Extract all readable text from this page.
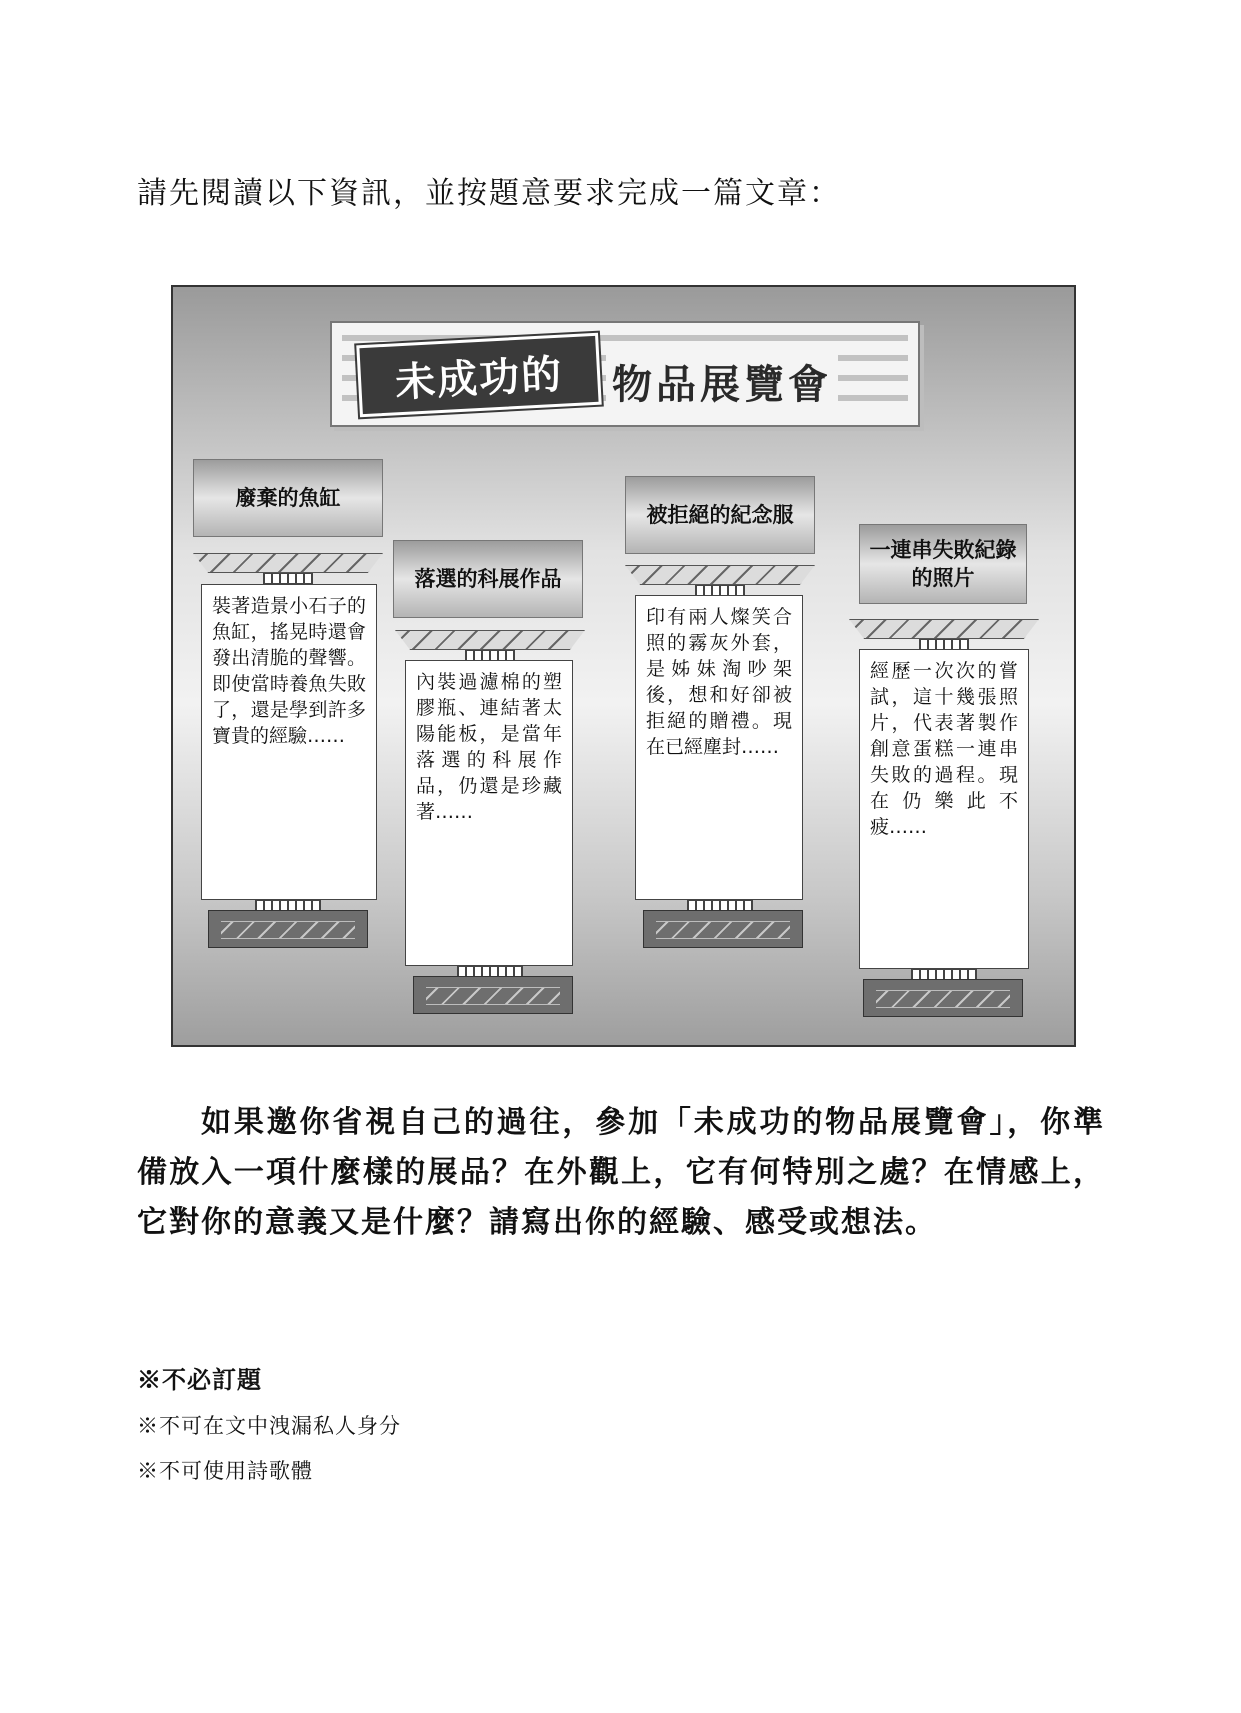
請先閱讀以下資訊，並按題意要求完成一篇文章：
未成功的	物品展覽會
廢棄的魚缸
裝著造景小石子的魚缸，搖晃時還會發出清脆的聲響。即使當時養魚失敗了，還是學到許多寶貴的經驗……
落選的科展作品
內裝過濾棉的塑膠瓶、連結著太陽能板，是當年落選的科展作品，仍還是珍藏著……
被拒絕的紀念服
印有兩人燦笑合照的霧灰外套，是姊妹淘吵架後，想和好卻被拒絕的贈禮。現在已經塵封……
一連串失敗紀錄的照片
經歷一次次的嘗試，這十幾張照片，代表著製作創意蛋糕一連串失敗的過程。現在仍樂此不疲……
如果邀你省視自己的過往，參加「未成功的物品展覽會」，你準備放入一項什麼樣的展品？在外觀上，它有何特別之處？在情感上，它對你的意義又是什麼？請寫出你的經驗、感受或想法。
※不必訂題
※不可在文中洩漏私人身分
※不可使用詩歌體
